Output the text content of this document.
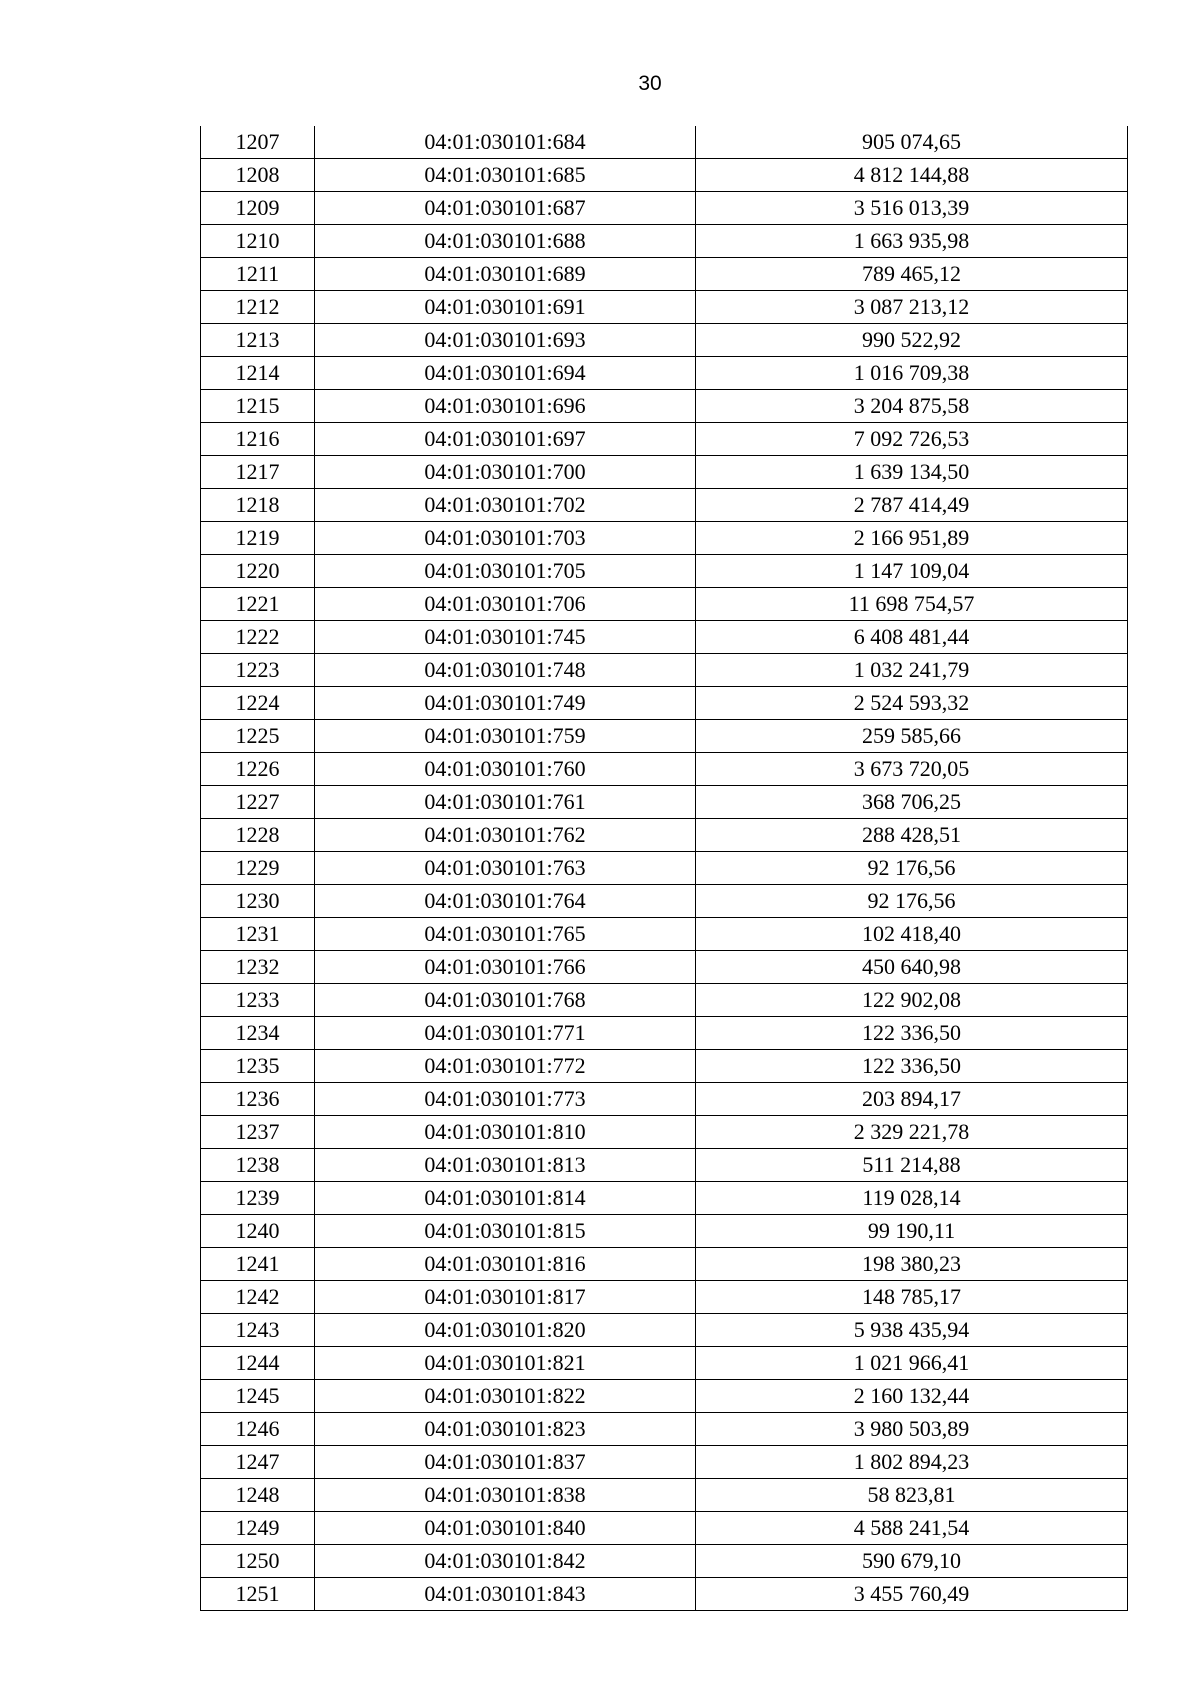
30
1207	04:01:030101:684	905 074,65
1208	04:01:030101:685	4 812 144,88
1209	04:01:030101:687	3 516 013,39
1210	04:01:030101:688	1 663 935,98
1211	04:01:030101:689	789 465,12
1212	04:01:030101:691	3 087 213,12
1213	04:01:030101:693	990 522,92
1214	04:01:030101:694	1 016 709,38
1215	04:01:030101:696	3 204 875,58
1216	04:01:030101:697	7 092 726,53
1217	04:01:030101:700	1 639 134,50
1218	04:01:030101:702	2 787 414,49
1219	04:01:030101:703	2 166 951,89
1220	04:01:030101:705	1 147 109,04
1221	04:01:030101:706	11 698 754,57
1222	04:01:030101:745	6 408 481,44
1223	04:01:030101:748	1 032 241,79
1224	04:01:030101:749	2 524 593,32
1225	04:01:030101:759	259 585,66
1226	04:01:030101:760	3 673 720,05
1227	04:01:030101:761	368 706,25
1228	04:01:030101:762	288 428,51
1229	04:01:030101:763	92 176,56
1230	04:01:030101:764	92 176,56
1231	04:01:030101:765	102 418,40
1232	04:01:030101:766	450 640,98
1233	04:01:030101:768	122 902,08
1234	04:01:030101:771	122 336,50
1235	04:01:030101:772	122 336,50
1236	04:01:030101:773	203 894,17
1237	04:01:030101:810	2 329 221,78
1238	04:01:030101:813	511 214,88
1239	04:01:030101:814	119 028,14
1240	04:01:030101:815	99 190,11
1241	04:01:030101:816	198 380,23
1242	04:01:030101:817	148 785,17
1243	04:01:030101:820	5 938 435,94
1244	04:01:030101:821	1 021 966,41
1245	04:01:030101:822	2 160 132,44
1246	04:01:030101:823	3 980 503,89
1247	04:01:030101:837	1 802 894,23
1248	04:01:030101:838	58 823,81
1249	04:01:030101:840	4 588 241,54
1250	04:01:030101:842	590 679,10
1251	04:01:030101:843	3 455 760,49
